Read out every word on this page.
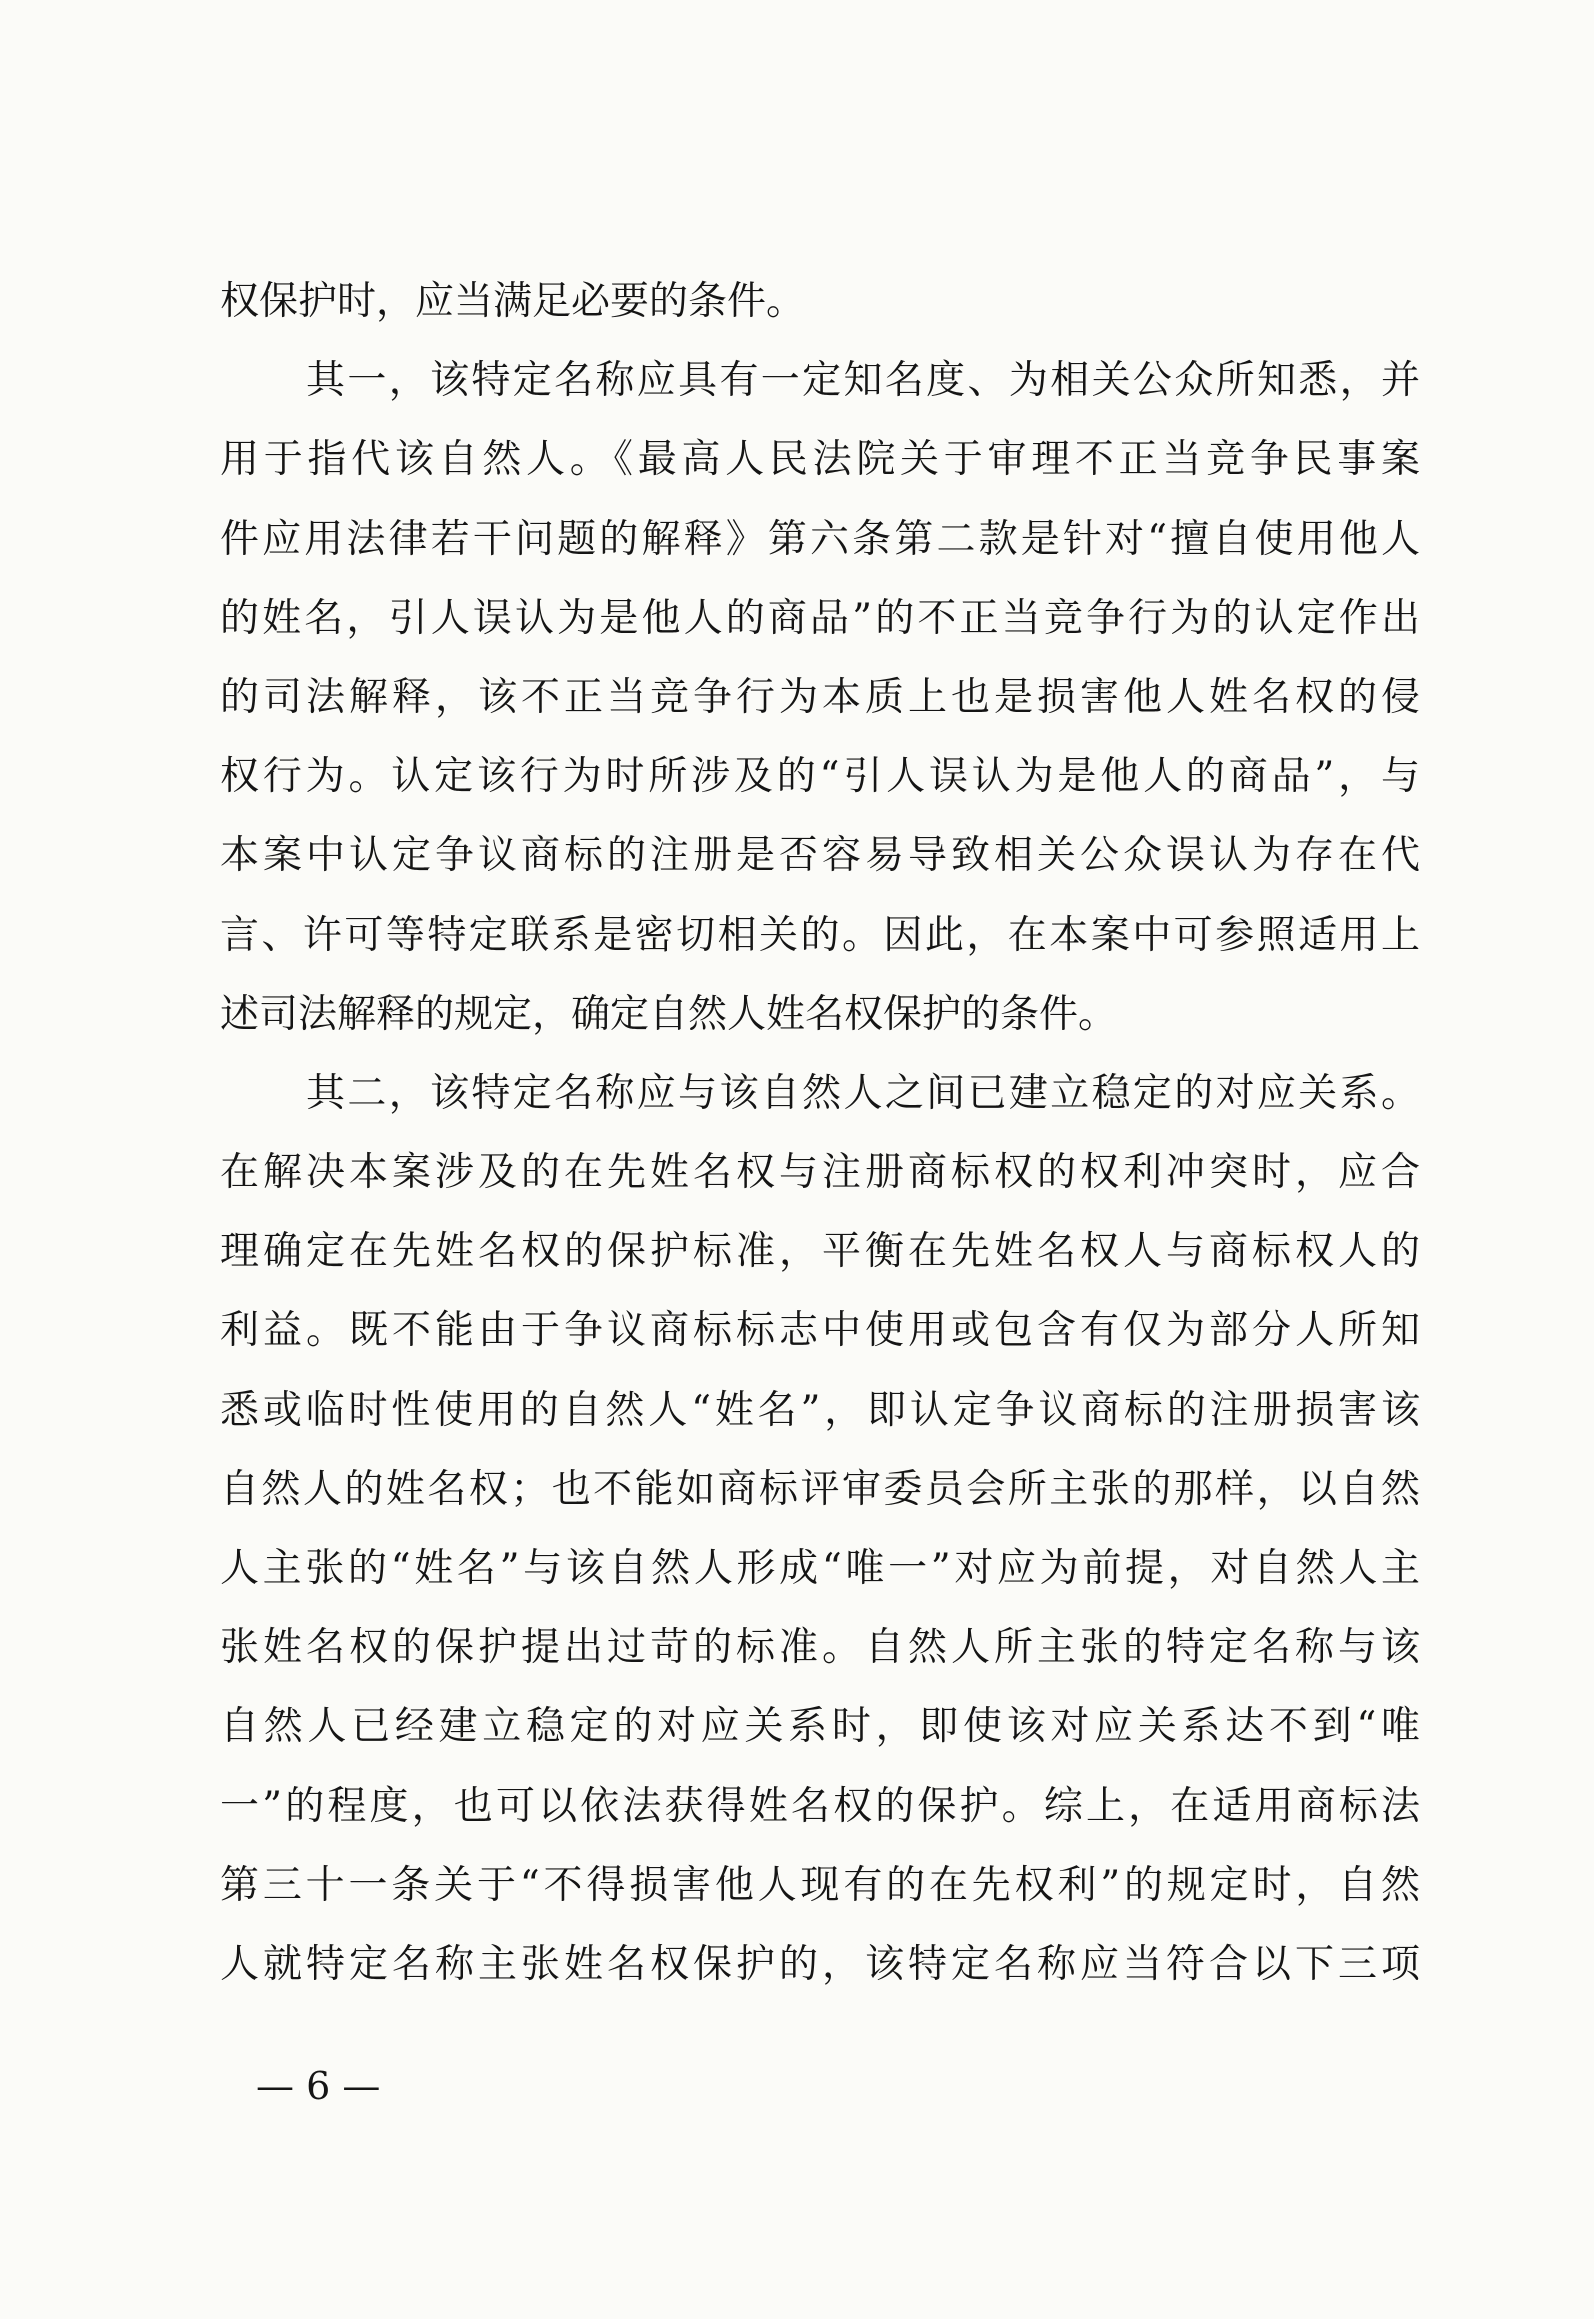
权保护时，应当满足必要的条件。
其一，该特定名称应具有一定知名度、为相关公众所知悉，并
用于指代该自然人。《最高人民法院关于审理不正当竞争民事案
件应用法律若干问题的解释》第六条第二款是针对“擅自使用他人
的姓名，引人误认为是他人的商品”的不正当竞争行为的认定作出
的司法解释，该不正当竞争行为本质上也是损害他人姓名权的侵
权行为。认定该行为时所涉及的“引人误认为是他人的商品”，与
本案中认定争议商标的注册是否容易导致相关公众误认为存在代
言、许可等特定联系是密切相关的。因此，在本案中可参照适用上
述司法解释的规定，确定自然人姓名权保护的条件。
其二，该特定名称应与该自然人之间已建立稳定的对应关系。
在解决本案涉及的在先姓名权与注册商标权的权利冲突时，应合
理确定在先姓名权的保护标准，平衡在先姓名权人与商标权人的
利益。既不能由于争议商标标志中使用或包含有仅为部分人所知
悉或临时性使用的自然人“姓名”，即认定争议商标的注册损害该
自然人的姓名权；也不能如商标评审委员会所主张的那样，以自然
人主张的“姓名”与该自然人形成“唯一”对应为前提，对自然人主
张姓名权的保护提出过苛的标准。自然人所主张的特定名称与该
自然人已经建立稳定的对应关系时，即使该对应关系达不到“唯
一”的程度，也可以依法获得姓名权的保护。综上，在适用商标法
第三十一条关于“不得损害他人现有的在先权利”的规定时，自然
人就特定名称主张姓名权保护的，该特定名称应当符合以下三项
— 6 —
